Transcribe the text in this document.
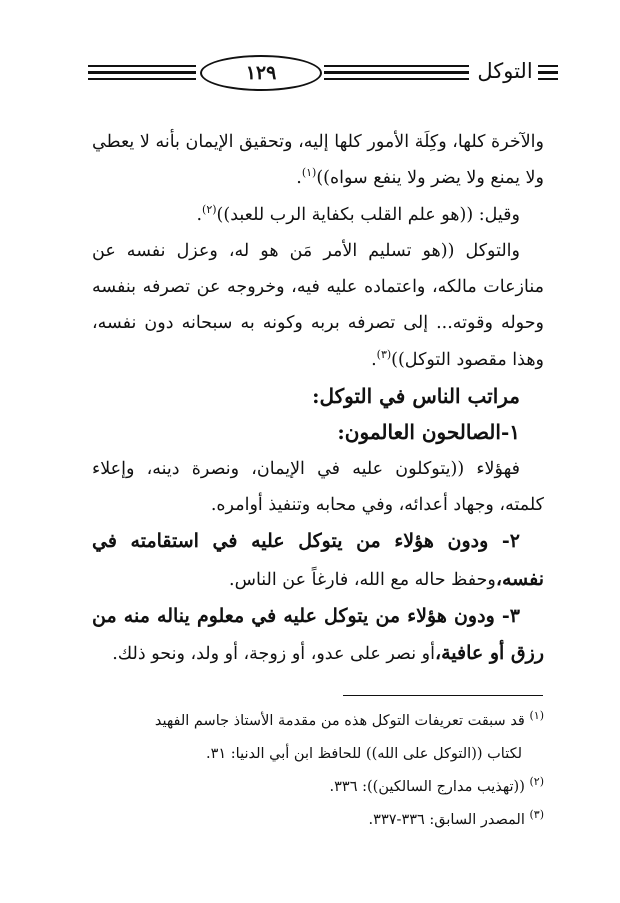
١٢٩	التوكل

والآخرة كلها، وكِلَة الأمور كلها إليه، وتحقيق الإيمان بأنه لا يعطي ولا يمنع ولا يضر ولا ينفع سواه))$^{(١)}$.

وقيل: ((هو علم القلب بكفاية الرب للعبد))$^{(٢)}$.

والتوكل ((هو تسليم الأمر مَن هو له، وعزل نفسه عن منازعات مالكه، واعتماده عليه فيه، وخروجه عن تصرفه بنفسه وحوله وقوته... إلى تصرفه بربه وكونه به سبحانه دون نفسه، وهذا مقصود التوكل))$^{(٣)}$.

مراتب الناس في التوكل:

١-الصالحون العالمون:

فهؤلاء ((يتوكلون عليه في الإيمان، ونصرة دينه، وإعلاء كلمته، وجهاد أعدائه، وفي محابه وتنفيذ أوامره.

٢- ودون هؤلاء من يتوكل عليه في استقامته في نفسه،وحفظ حاله مع الله، فارغاً عن الناس.

٣- ودون هؤلاء من يتوكل عليه في معلوم يناله منه من رزق أو عافية،أو نصر على عدو، أو زوجة، أو ولد، ونحو ذلك.

$^{(١)}$ قد سبقت تعريفات التوكل هذه من مقدمة الأستاذ جاسم الفهيد

لكتاب ((التوكل على الله)) للحافظ ابن أبي الدنيا: ٣١.

$^{(٢)}$ ((تهذيب مدارج السالكين)): ٣٣٦.

$^{(٣)}$ المصدر السابق: ٣٣٦-٣٣٧.
